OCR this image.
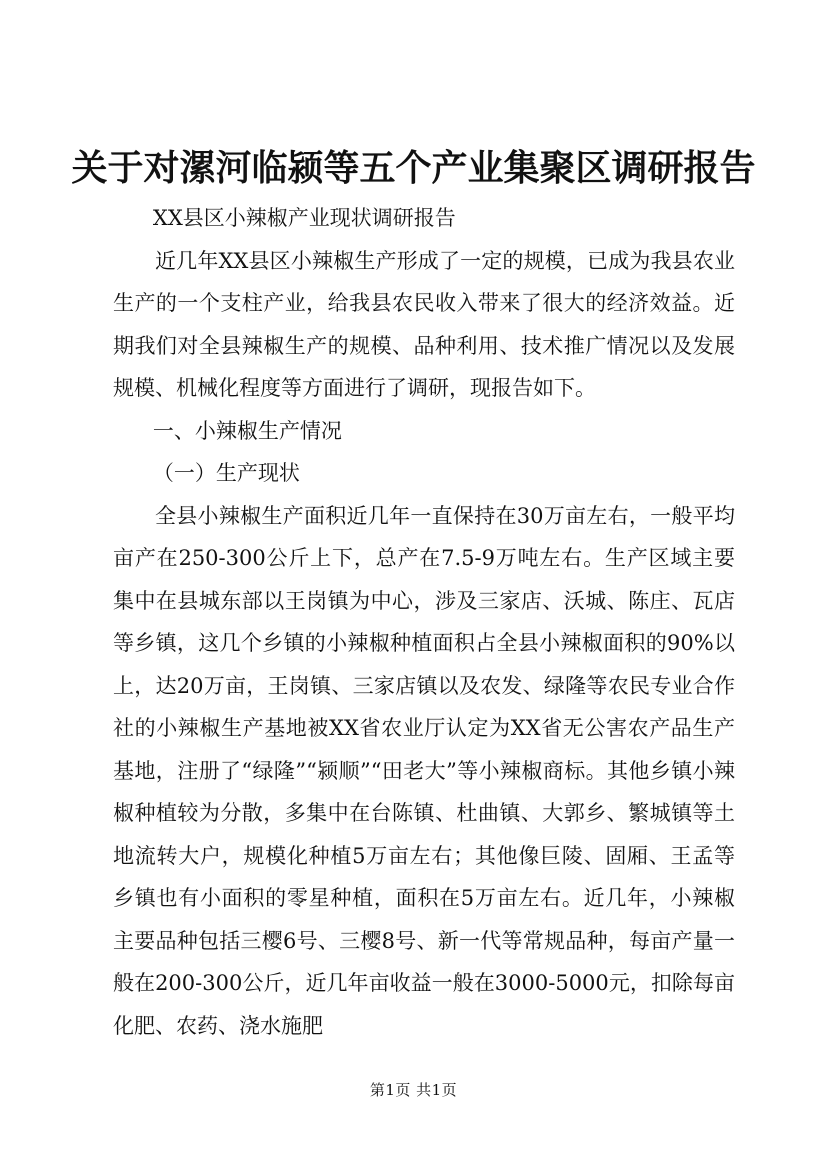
关于对漯河临颍等五个产业集聚区调研报告

XX县区小辣椒产业现状调研报告

近几年XX县区小辣椒生产形成了一定的规模，已成为我县农业生产的一个支柱产业，给我县农民收入带来了很大的经济效益。近期我们对全县辣椒生产的规模、品种利用、技术推广情况以及发展规模、机械化程度等方面进行了调研，现报告如下。

一、小辣椒生产情况

（一）生产现状

全县小辣椒生产面积近几年一直保持在30万亩左右，一般平均亩产在250-300公斤上下，总产在7.5-9万吨左右。生产区域主要集中在县城东部以王岗镇为中心，涉及三家店、沃城、陈庄、瓦店等乡镇，这几个乡镇的小辣椒种植面积占全县小辣椒面积的90%以上，达20万亩，王岗镇、三家店镇以及农发、绿隆等农民专业合作社的小辣椒生产基地被XX省农业厅认定为XX省无公害农产品生产基地，注册了“绿隆”“颍顺”“田老大”等小辣椒商标。其他乡镇小辣椒种植较为分散，多集中在台陈镇、杜曲镇、大郭乡、繁城镇等土地流转大户，规模化种植5万亩左右；其他像巨陵、固厢、王孟等乡镇也有小面积的零星种植，面积在5万亩左右。近几年，小辣椒主要品种包括三樱6号、三樱8号、新一代等常规品种，每亩产量一般在200-300公斤，近几年亩收益一般在3000-5000元，扣除每亩化肥、农药、浇水施肥

第1页 共1页
